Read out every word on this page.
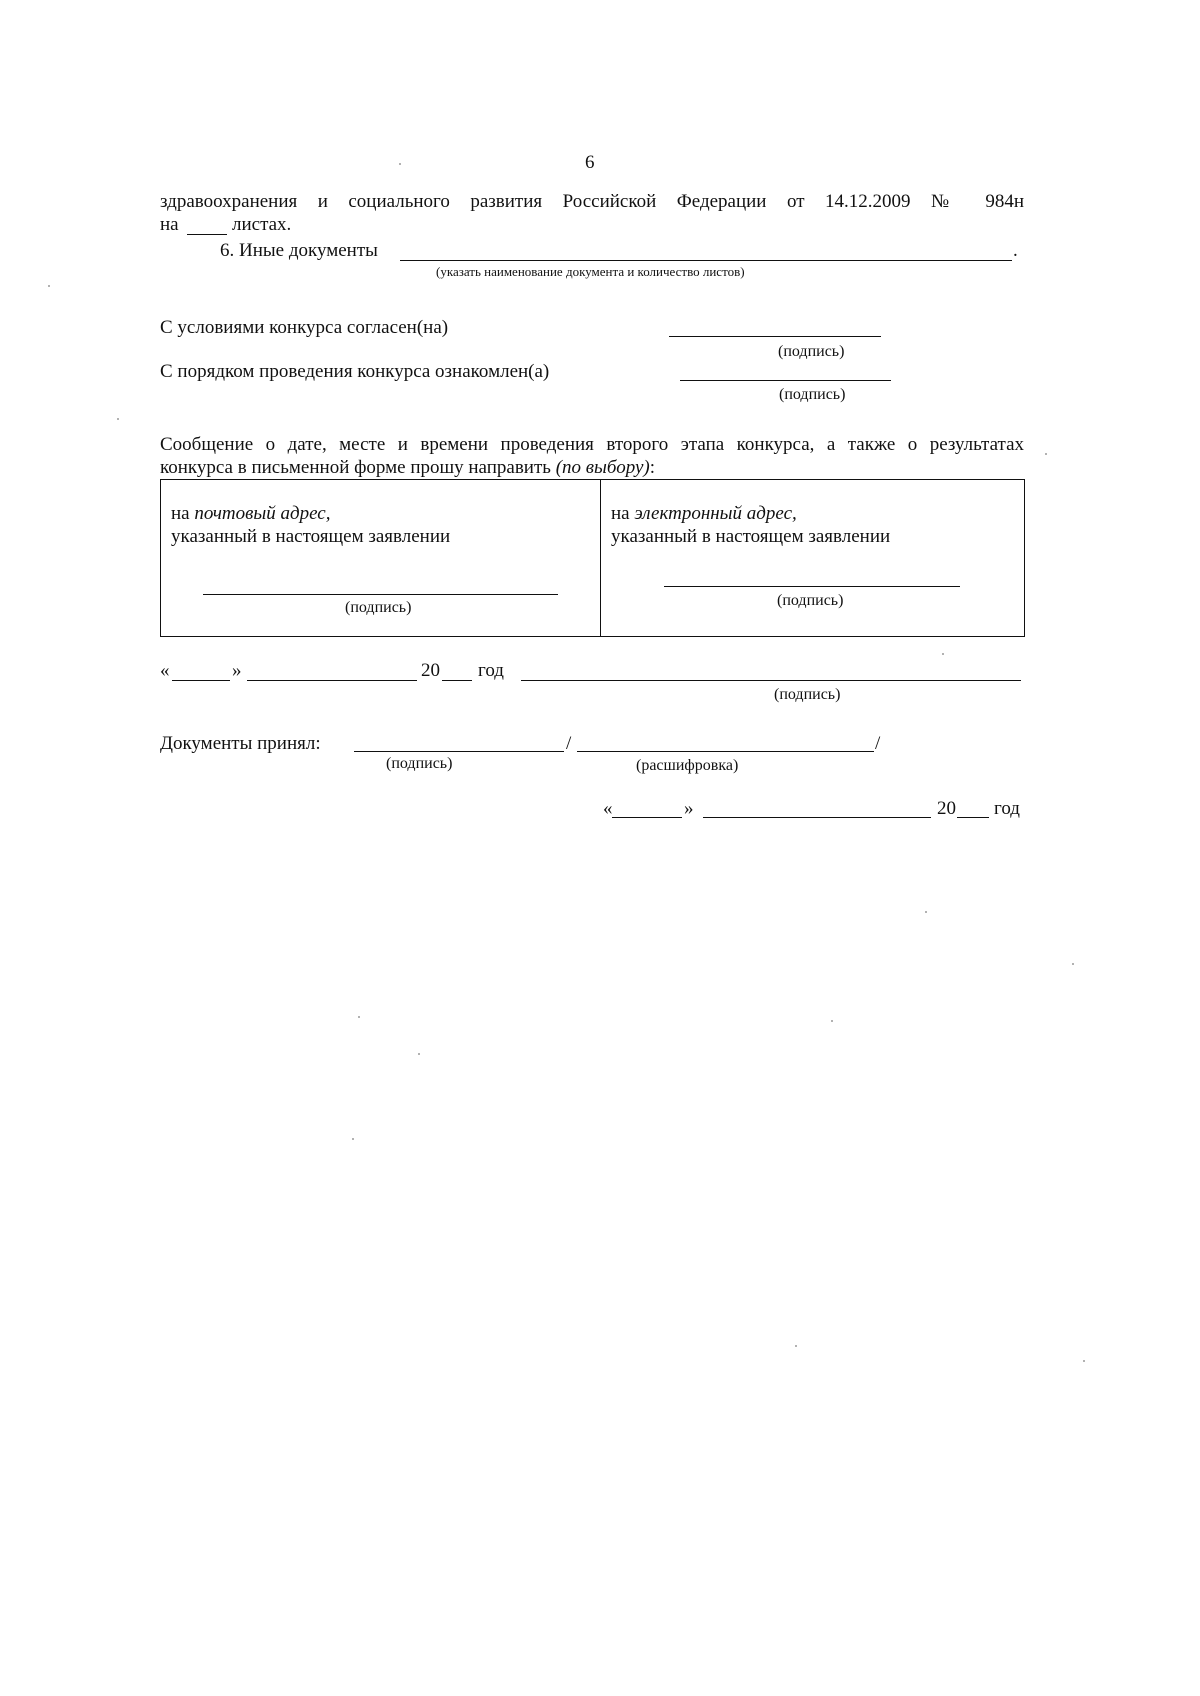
6
здравоохранения и социального развития Российской Федерации от 14.12.2009 № 984н
на	листах.
6. Иные документы	.
(указать наименование документа и количество листов)
С условиями конкурса согласен(на)
(подпись)
С порядком проведения конкурса ознакомлен(а)
(подпись)
Сообщение о дате, месте и времени проведения второго этапа конкурса, а также о результатах
конкурса в письменной форме прошу направить (по выбору):
на почтовый адрес,
указанный в настоящем заявлении
(подпись)
на электронный адрес,
указанный в настоящем заявлении
(подпись)
«	»	20 год
(подпись)
Документы принял:	/	/
(подпись)	(расшифровка)
«	»	20 год
